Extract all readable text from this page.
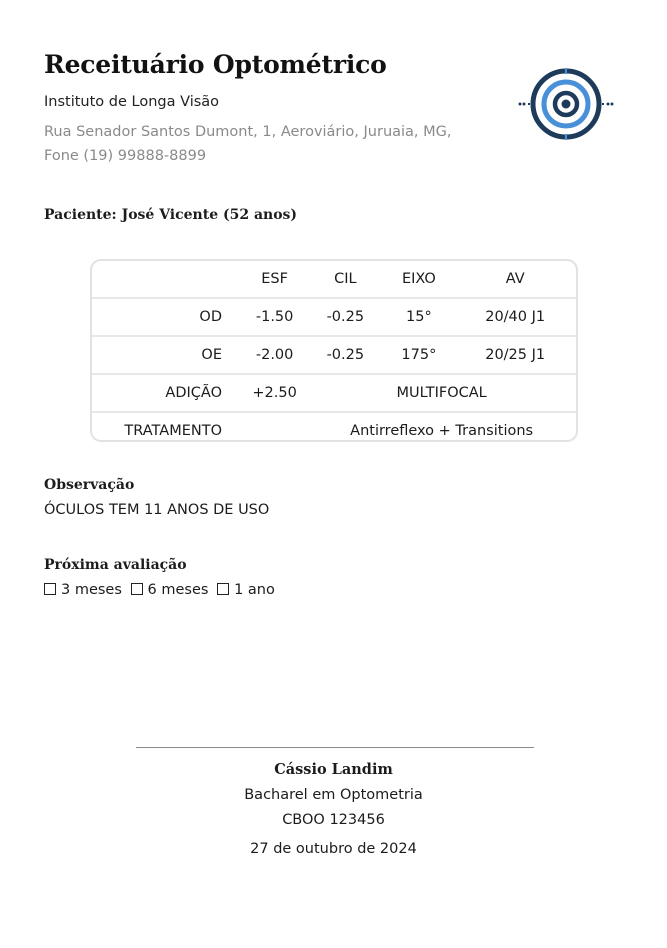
Receituário Optométrico
Instituto de Longa Visão
Rua Senador Santos Dumont, 1, Aeroviário, Juruaia, MG,
Fone (19) 99888-8899
Paciente: José Vicente (52 anos)
	ESF	CIL	EIXO	AV
OD	-1.50	-0.25	15°	20/40 J1
OE	-2.00	-0.25	175°	20/25 J1
ADIÇÃO	+2.50	MULTIFOCAL		
TRATAMENTO		Antirreflexo + Transitions		
Observação
ÓCULOS TEM 11 ANOS DE USO
Próxima avaliação
3 meses 6 meses 1 ano
Cássio Landim
Bacharel em Optometria
CBOO 123456
27 de outubro de 2024
